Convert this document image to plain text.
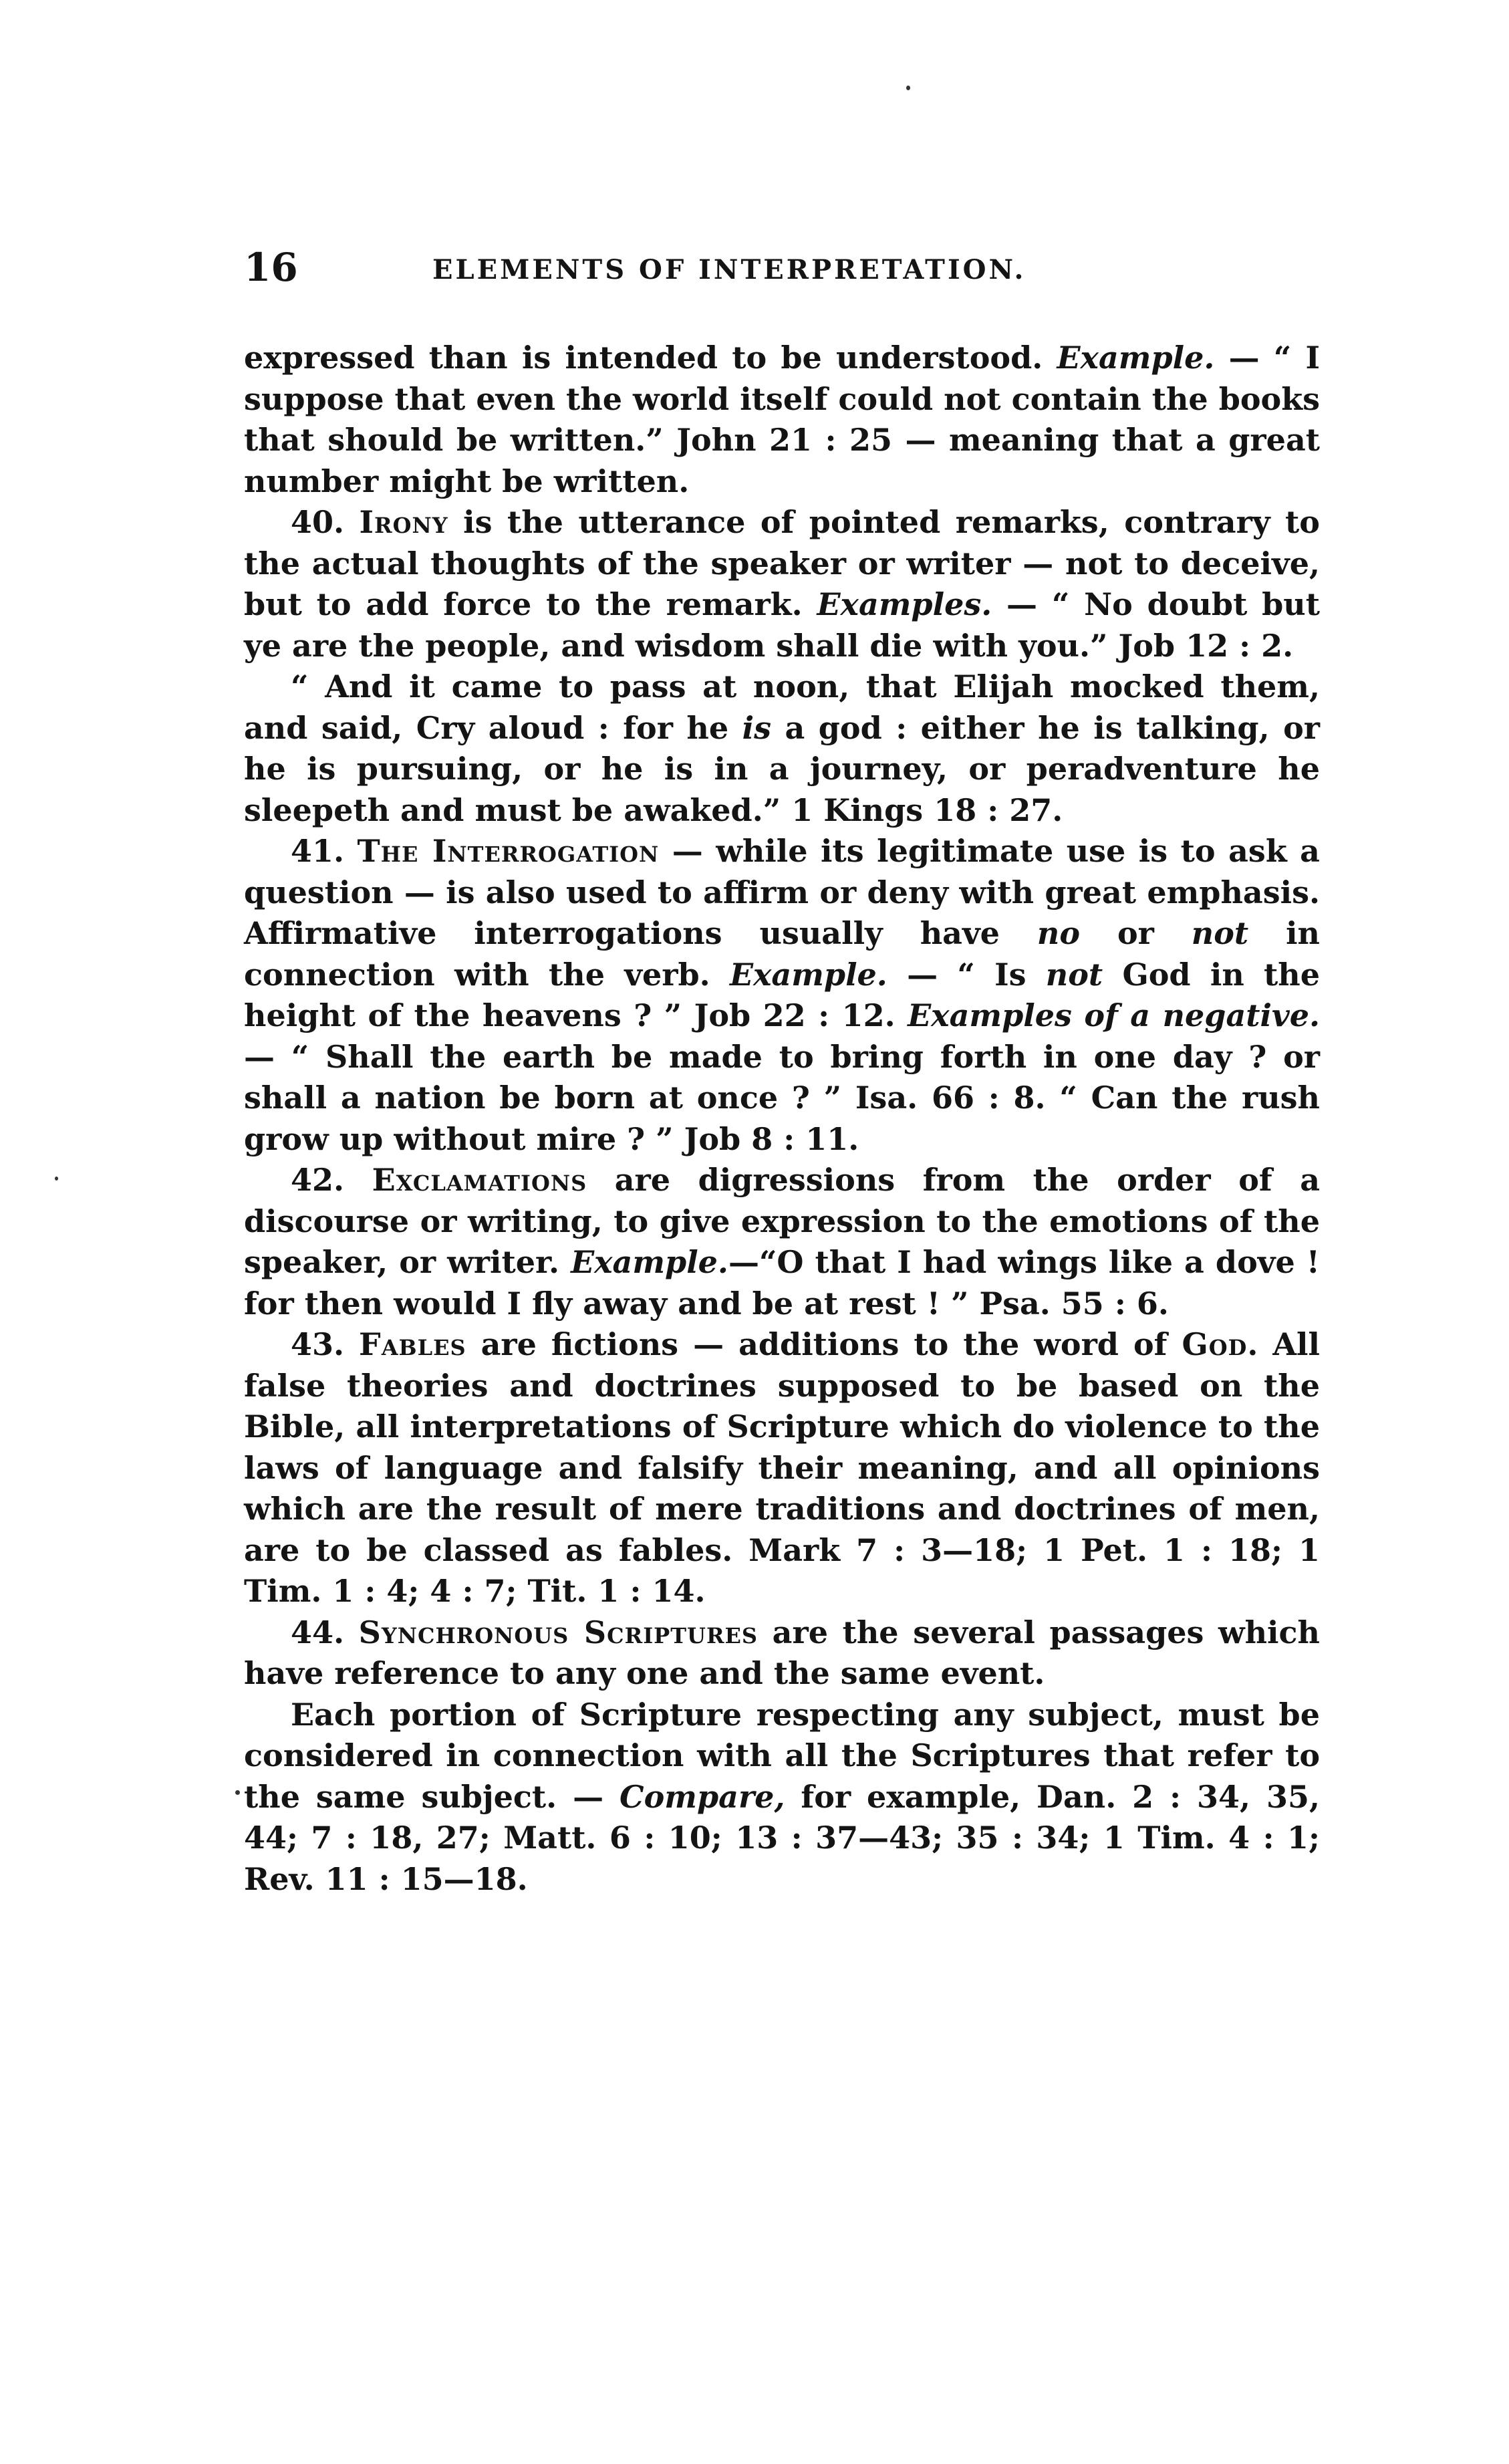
16	ELEMENTS OF INTERPRETATION.

expressed than is intended to be understood. Example. — “ I suppose that even the world itself could not contain the books that should be written.” John 21 : 25 — meaning that a great number might be written.

40. Irony is the utterance of pointed remarks, contrary to the actual thoughts of the speaker or writer — not to deceive, but to add force to the remark. Examples. — “ No doubt but ye are the people, and wisdom shall die with you.” Job 12 : 2.

“ And it came to pass at noon, that Elijah mocked them, and said, Cry aloud : for he is a god : either he is talking, or he is pursuing, or he is in a journey, or peradventure he sleepeth and must be awaked.” 1 Kings 18 : 27.

41. The Interrogation — while its legitimate use is to ask a question — is also used to affirm or deny with great emphasis. Affirmative interrogations usually have no or not in connection with the verb. Example. — “ Is not God in the height of the heavens ? ” Job 22 : 12. Examples of a negative. — “ Shall the earth be made to bring forth in one day ? or shall a nation be born at once ? ” Isa. 66 : 8. “ Can the rush grow up without mire ? ” Job 8 : 11.

42. Exclamations are digressions from the order of a discourse or writing, to give expression to the emotions of the speaker, or writer. Example.—“O that I had wings like a dove ! for then would I fly away and be at rest ! ” Psa. 55 : 6.

43. Fables are fictions — additions to the word of God. All false theories and doctrines supposed to be based on the Bible, all interpretations of Scripture which do violence to the laws of language and falsify their meaning, and all opinions which are the result of mere traditions and doctrines of men, are to be classed as fables. Mark 7 : 3—18; 1 Pet. 1 : 18; 1 Tim. 1 : 4; 4 : 7; Tit. 1 : 14.

44. Synchronous Scriptures are the several passages which have reference to any one and the same event.

Each portion of Scripture respecting any subject, must be considered in connection with all the Scriptures that refer to the same subject. — Compare, for example, Dan. 2 : 34, 35, 44; 7 : 18, 27; Matt. 6 : 10; 13 : 37—43; 35 : 34; 1 Tim. 4 : 1; Rev. 11 : 15—18.
